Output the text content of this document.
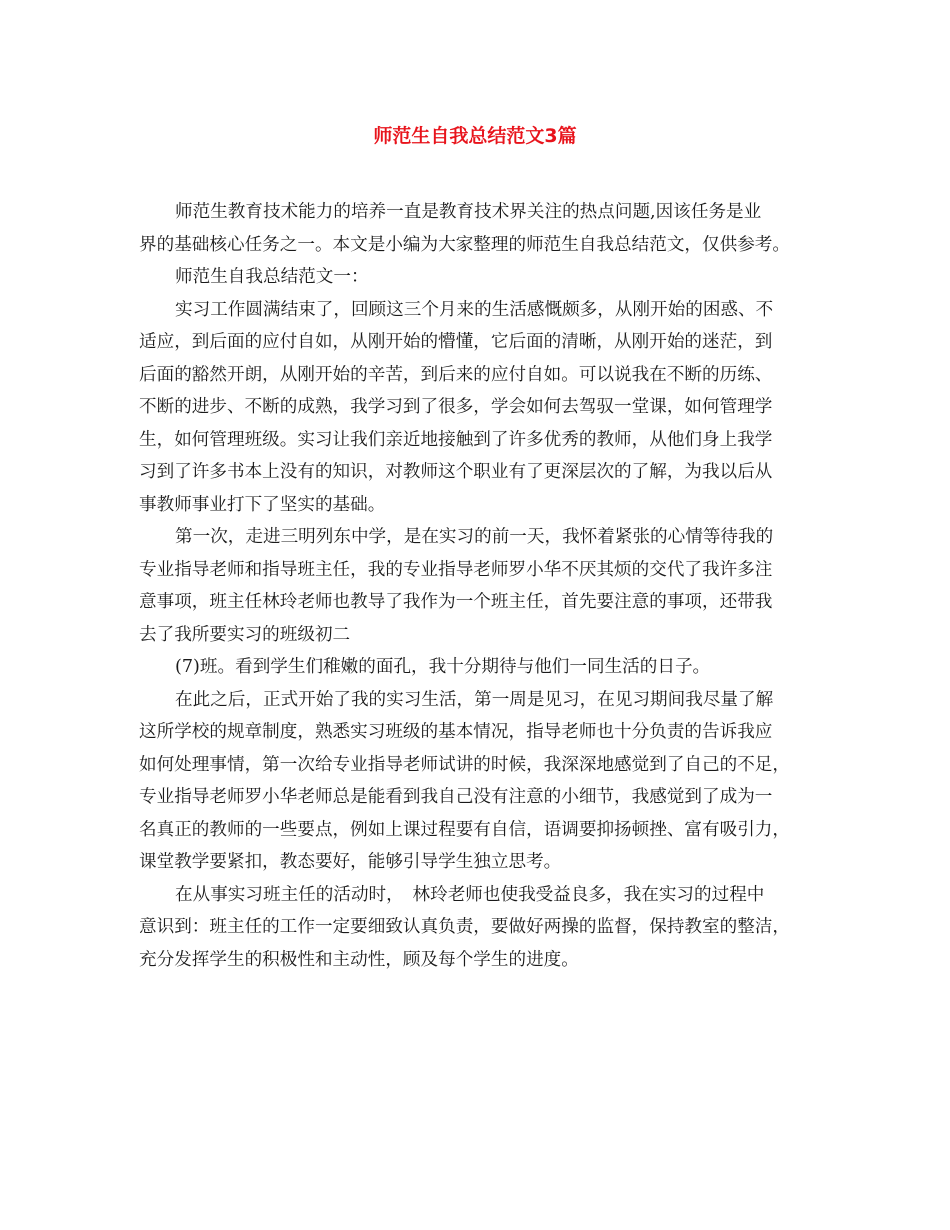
师范生自我总结范文3篇
师范生教育技术能力的培养一直是教育技术界关注的热点问题,因该任务是业
界的基础核心任务之一。本文是小编为大家整理的师范生自我总结范文，仅供参考。
师范生自我总结范文一：
实习工作圆满结束了，回顾这三个月来的生活感慨颇多，从刚开始的困惑、不
适应，到后面的应付自如，从刚开始的懵懂，它后面的清晰，从刚开始的迷茫，到
后面的豁然开朗，从刚开始的辛苦，到后来的应付自如。可以说我在不断的历练、
不断的进步、不断的成熟，我学习到了很多，学会如何去驾驭一堂课，如何管理学
生，如何管理班级。实习让我们亲近地接触到了许多优秀的教师，从他们身上我学
习到了许多书本上没有的知识，对教师这个职业有了更深层次的了解，为我以后从
事教师事业打下了坚实的基础。
第一次，走进三明列东中学，是在实习的前一天，我怀着紧张的心情等待我的
专业指导老师和指导班主任，我的专业指导老师罗小华不厌其烦的交代了我许多注
意事项，班主任林玲老师也教导了我作为一个班主任，首先要注意的事项，还带我
去了我所要实习的班级初二
(7)班。看到学生们稚嫩的面孔，我十分期待与他们一同生活的日子。
在此之后，正式开始了我的实习生活，第一周是见习，在见习期间我尽量了解
这所学校的规章制度，熟悉实习班级的基本情况，指导老师也十分负责的告诉我应
如何处理事情，第一次给专业指导老师试讲的时候，我深深地感觉到了自己的不足，
专业指导老师罗小华老师总是能看到我自己没有注意的小细节，我感觉到了成为一
名真正的教师的一些要点，例如上课过程要有自信，语调要抑扬顿挫、富有吸引力，
课堂教学要紧扣，教态要好，能够引导学生独立思考。
在从事实习班主任的活动时，　林玲老师也使我受益良多，我在实习的过程中
意识到：班主任的工作一定要细致认真负责，要做好两操的监督，保持教室的整洁，
充分发挥学生的积极性和主动性，顾及每个学生的进度。
